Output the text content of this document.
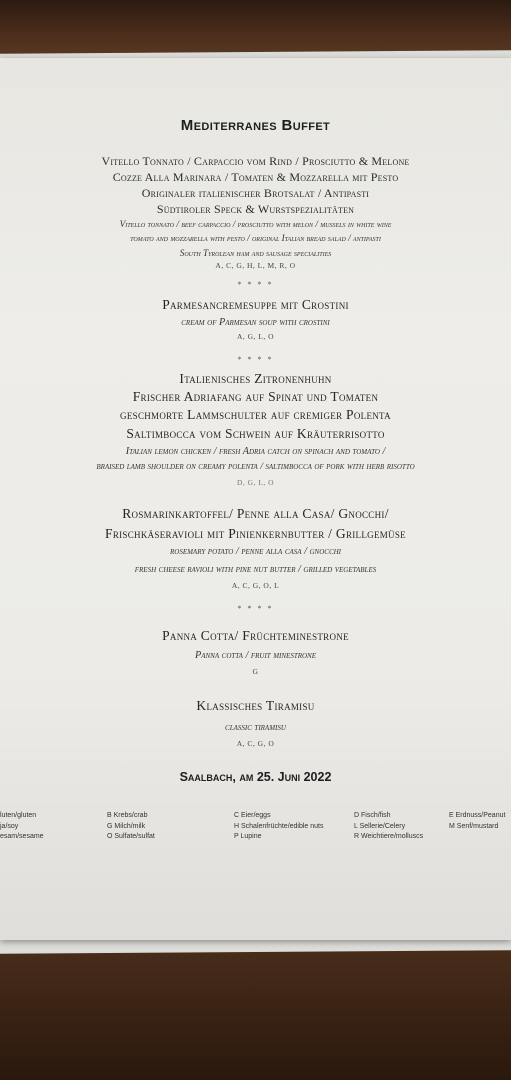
Mediterranes Buffet
Vitello Tonnato / Carpaccio vom Rind / Prosciutto & Melone
Cozze Alla Marinara / Tomaten & Mozzarella mit Pesto
Originaler italienischer Brotsalat / Antipasti
Südtiroler Speck & Wurstspezialitäten
Vitello tonnato / beef carpaccio / prosciutto with melon / mussels in white wine
tomato and mozzarella with pesto / original Italian bread salad / antipasti
South Tyrolean ham and sausage specialities
A, C, G, H, L, M, R, O
* * * *
Parmesancremesuppe mit Crostini
cream of Parmesan soup with crostini
A, G, L, O
* * * *
Italienisches Zitronenhuhn
Frischer Adriafang auf Spinat und Tomaten
geschmorte Lammschulter auf cremiger Polenta
Saltimbocca vom Schwein auf Kräuterrisotto
Italian lemon chicken / fresh Adria catch on spinach and tomato /
braised lamb shoulder on creamy polenta / saltimbocca of pork with herb risotto
D, G, L, O
Rosmarinkartoffel/ Penne alla Casa/ Gnocchi/
Frischkäseravioli mit Pinienkernbutter / Grillgemüse
rosemary potato / penne alla casa / gnocchi
fresh cheese ravioli with pine nut butter / grilled vegetables
A, C, G, O, L
* * * *
Panna Cotta/ Früchteminestrone
Panna cotta / fruit minestrone
G
Klassisches Tiramisu
classic tiramisu
A, C, G, O
Saalbach, am 25. Juni 2022
luten/gluten
ja/soy
esam/sesame
B Krebs/crab
G Milch/milk
O Sulfate/sulfat
C Eier/eggs
H Schalenfrüchte/edible nuts
P Lupine
D Fisch/fish
L Sellerie/Celery
R Weichtiere/molluscs
E Erdnuss/Peanut
M Senf/mustard
